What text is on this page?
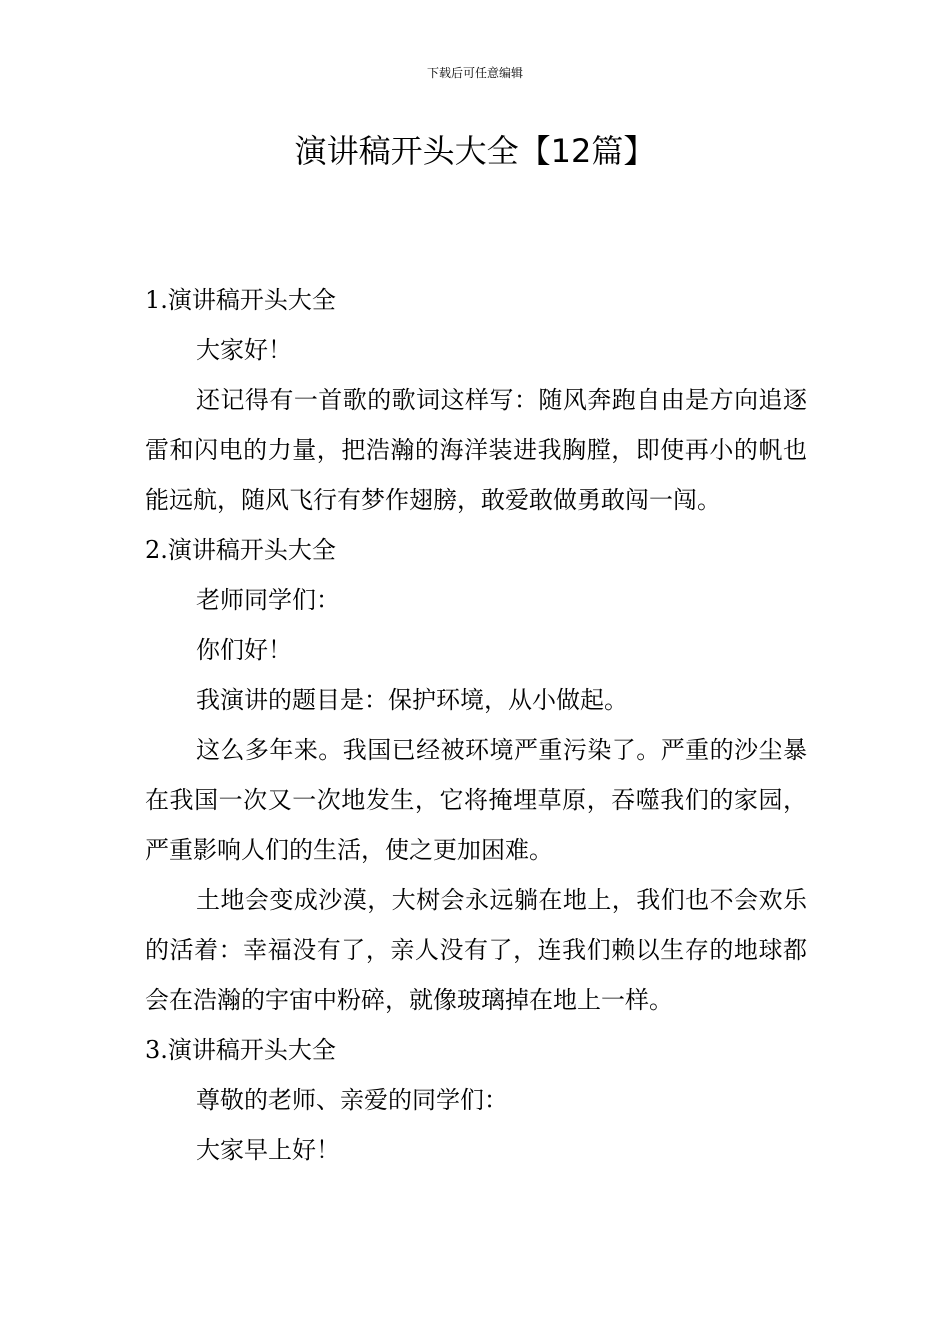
下载后可任意编辑
演讲稿开头大全【12篇】

1.演讲稿开头大全

大家好！

还记得有一首歌的歌词这样写：随风奔跑自由是方向追逐雷和闪电的力量，把浩瀚的海洋装进我胸膛，即使再小的帆也能远航，随风飞行有梦作翅膀，敢爱敢做勇敢闯一闯。

2.演讲稿开头大全

老师同学们：

你们好！

我演讲的题目是：保护环境，从小做起。

这么多年来。我国已经被环境严重污染了。严重的沙尘暴在我国一次又一次地发生，它将掩埋草原，吞噬我们的家园，严重影响人们的生活，使之更加困难。

土地会变成沙漠，大树会永远躺在地上，我们也不会欢乐的活着：幸福没有了，亲人没有了，连我们赖以生存的地球都会在浩瀚的宇宙中粉碎，就像玻璃掉在地上一样。

3.演讲稿开头大全

尊敬的老师、亲爱的同学们：

大家早上好！
